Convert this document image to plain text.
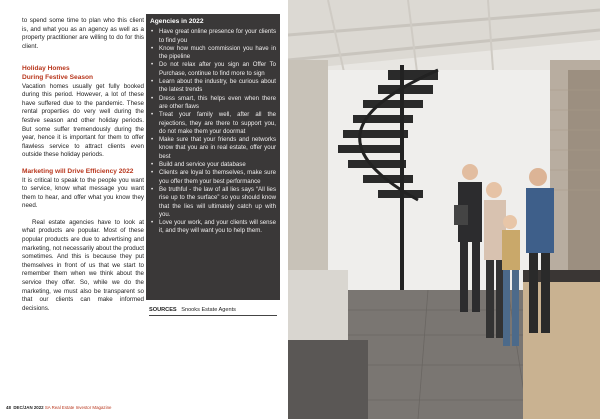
to spend some time to plan who this client is, and what you as an agency as well as a property practitioner are willing to do for this client.

Holiday Homes
During Festive Season

Vacation homes usually get fully booked during this period. However, a lot of these have suffered due to the pandemic. These rental properties do very well during the festive season and other holiday periods. But some suffer tremendously during the year, hence it is important for them to offer flawless service to attract clients even outside these holiday periods.

Marketing will Drive Efficiency 2022

It is critical to speak to the people you want to service, know what message you want them to hear, and offer what you know they need.

Real estate agencies have to look at what products are popular. Most of these popular products are due to advertising and marketing, not necessarily about the product sometimes. And this is because they put themselves in front of us that we start to remember them when we think about the service they offer. So, while we do the marketing, we must also be transparent so that our clients can make informed decisions.

Agencies in 2022
• Have great online presence for your clients to find you
• Know how much commission you have in the pipeline
• Do not relax after you sign an Offer To Purchase, continue to find more to sign
• Learn about the industry, be curious about the latest trends
• Dress smart, this helps even when there are other flaws
• Treat your family well, after all the rejections, they are there to support you, do not make them your doormat
• Make sure that your friends and networks know that you are in real estate, offer your best
• Build and service your database
• Clients are loyal to themselves, make sure you offer them your best performance
• Be truthful - the law of all lies says “All lies rise up to the surface” so you should know that the lies will ultimately catch up with you.
• Love your work, and your clients will sense it, and they will want you to help them.
SOURCES Snooks Estate Agents
48 DEC/JAN 2022 SA Real Estate Investor Magazine
